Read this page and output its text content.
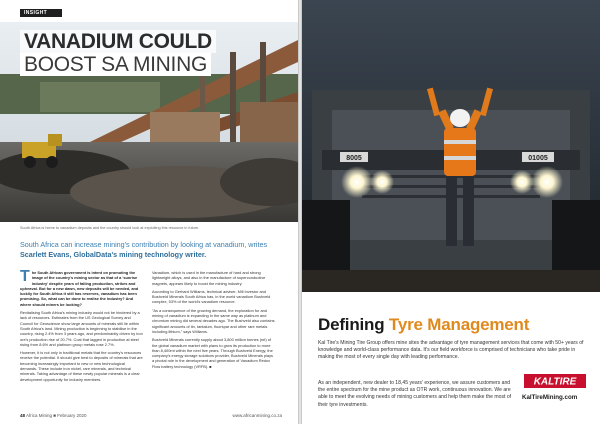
INSIGHT
VANADIUM COULD
BOOST SA MINING
South Africa is home to vanadium deposits and the country should look at exploiting this resource in future.
South Africa can increase mining's contribution by looking at vanadium, writes Scarlett Evans, GlobalData's mining technology writer.

The South African government is intent on promoting the image of the country's mining sector as that of a 'sunrise industry' despite years of falling production, strikes and upheaval. But for a new dawn, new deposits will be needed, and luckily for South Africa it still has reserves, vanadium has been promising. So, what can be done to realise the industry? And where should miners be looking?

Revitalising South Africa's mining industry would not be hindered by a lack of resources. Estimates from the US Geological Survey and Council for Geoscience show large amounts of minerals still lie within South Africa's land. Mining production is beginning to stabilise in the country, rising 2.4% from 3 years ago, and predominantly driven by iron ore's production rise of 20.7%. Coal that lagged in production at steel rising from 8.6% and platinum group metals rose 2.7%.

However, it is not only in traditional metals that the country's resources receive the potential. It should give best to deposits of minerals that are becoming increasingly important to new or new technological demands. These include iron nickel, rare minerals, and technical minerals. Taking advantage of these newly popular minerals is a clear development opportunity for industry members.

Vanadium, which is used in the manufacture of hard and strong lightweight alloys, and also in the manufacture of superconductive magnets, appears likely to boost the mining industry.

According to Gerhard Williams, technical adviser, Mill Investor and Bushveld Minerals South Africa has, in the world vanadium Bushveld complex, 53% of the world's vanadium resource.

"As a consequence of the growing demand, the exploration for and mining of vanadium is expanding in the same way as platinum and chromium mining did several decades ago. The Bushveld also contains significant amounts of tin, tantalum, fluorspar and other rare metals including lithium," says Williams.

Bushveld Minerals currently supply about 3,800 million tonnes (mt) of the global vanadium market with plans to grow its production to more than 8,400mt within the next five years. Through Bushveld Energy, the company's energy storage solutions provider, Bushveld Minerals plays a pivotal role in the development and generation of Vanadium Redox Flow battery technology (VRFB). ■

48 Africa Mining ■ February 2020	www.africanmining.co.za
8005	01005
Defining Tyre Management

Kal Tire's Mining Tire Group offers mine sites the advantage of tyre management services that come with 50+ years of knowledge and world-class performance data. It's our field workforce is comprised of technicians who take pride in making the most of every single day with leading performance.

As an independent, new dealer to 18,45 years' experience, we assure customers and the entire spectrum for the mine product as OTR work, continuous innovation. We are able to meet the evolving needs of mining customers and help them make the most of their tyre investments.

KALTIRE
KalTireMining.com
